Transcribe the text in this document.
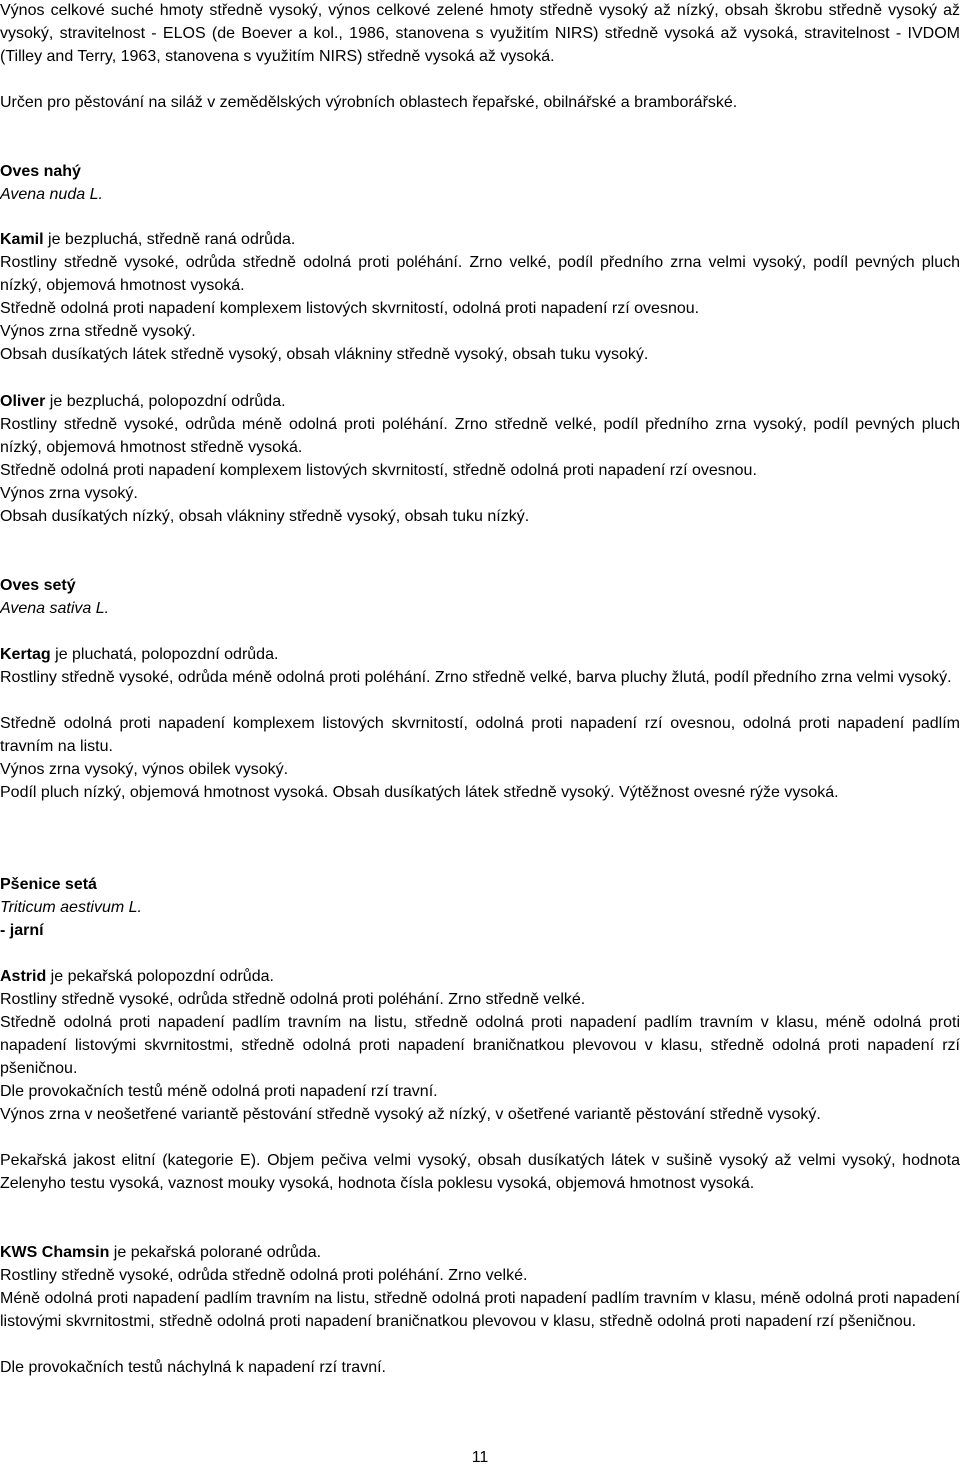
Výnos celkové suché hmoty středně vysoký, výnos celkové zelené hmoty středně vysoký až nízký, obsah škrobu středně vysoký až vysoký, stravitelnost - ELOS (de Boever a kol., 1986, stanovena s využitím NIRS) středně vysoká až vysoká, stravitelnost - IVDOM (Tilley and Terry, 1963, stanovena s využitím NIRS) středně vysoká až vysoká.

Určen pro pěstování na siláž v zemědělských výrobních oblastech řepařské, obilnářské a bramborářské.

Oves nahý

Avena nuda L.

Kamil je bezpluchá, středně raná odrůda.

Rostliny středně vysoké, odrůda středně odolná proti poléhání. Zrno velké, podíl předního zrna velmi vysoký, podíl pevných pluch nízký, objemová hmotnost vysoká.

Středně odolná proti napadení komplexem listových skvrnitostí, odolná proti napadení rzí ovesnou.

Výnos zrna středně vysoký.

Obsah dusíkatých látek středně vysoký, obsah vlákniny středně vysoký, obsah tuku vysoký.

Oliver je bezpluchá, polopozdní odrůda.

Rostliny středně vysoké, odrůda méně odolná proti poléhání. Zrno středně velké, podíl předního zrna vysoký, podíl pevných pluch nízký, objemová hmotnost středně vysoká.

Středně odolná proti napadení komplexem listových skvrnitostí, středně odolná proti napadení rzí ovesnou.

Výnos zrna vysoký.

Obsah dusíkatých nízký, obsah vlákniny středně vysoký, obsah tuku nízký.

Oves setý

Avena sativa L.

Kertag je pluchatá, polopozdní odrůda.

Rostliny středně vysoké, odrůda méně odolná proti poléhání. Zrno středně velké, barva pluchy žlutá, podíl předního zrna velmi vysoký.

Středně odolná proti napadení komplexem listových skvrnitostí, odolná proti napadení rzí ovesnou, odolná proti napadení padlím travním na listu.

Výnos zrna vysoký, výnos obilek vysoký.

Podíl pluch nízký, objemová hmotnost vysoká. Obsah dusíkatých látek středně vysoký. Výtěžnost ovesné rýže vysoká.

Pšenice setá

Triticum aestivum L.

- jarní

Astrid je pekařská polopozdní odrůda.

Rostliny středně vysoké, odrůda středně odolná proti poléhání. Zrno středně velké.

Středně odolná proti napadení padlím travním na listu, středně odolná proti napadení padlím travním v klasu, méně odolná proti napadení listovými skvrnitostmi, středně odolná proti napadení braničnatkou plevovou v klasu, středně odolná proti napadení rzí pšeničnou.

Dle provokačních testů méně odolná proti napadení rzí travní.

Výnos zrna v neošetřené variantě pěstování středně vysoký až nízký, v ošetřené variantě pěstování středně vysoký.

Pekařská jakost elitní (kategorie E). Objem pečiva velmi vysoký, obsah dusíkatých látek v sušině vysoký až velmi vysoký, hodnota Zelenyho testu vysoká, vaznost mouky vysoká, hodnota čísla poklesu vysoká, objemová hmotnost vysoká.

KWS Chamsin je pekařská polorané odrůda.

Rostliny středně vysoké, odrůda středně odolná proti poléhání. Zrno velké.

Méně odolná proti napadení padlím travním na listu, středně odolná proti napadení padlím travním v klasu, méně odolná proti napadení listovými skvrnitostmi, středně odolná proti napadení braničnatkou plevovou v klasu, středně odolná proti napadení rzí pšeničnou.

Dle provokačních testů náchylná k napadení rzí travní.

11
